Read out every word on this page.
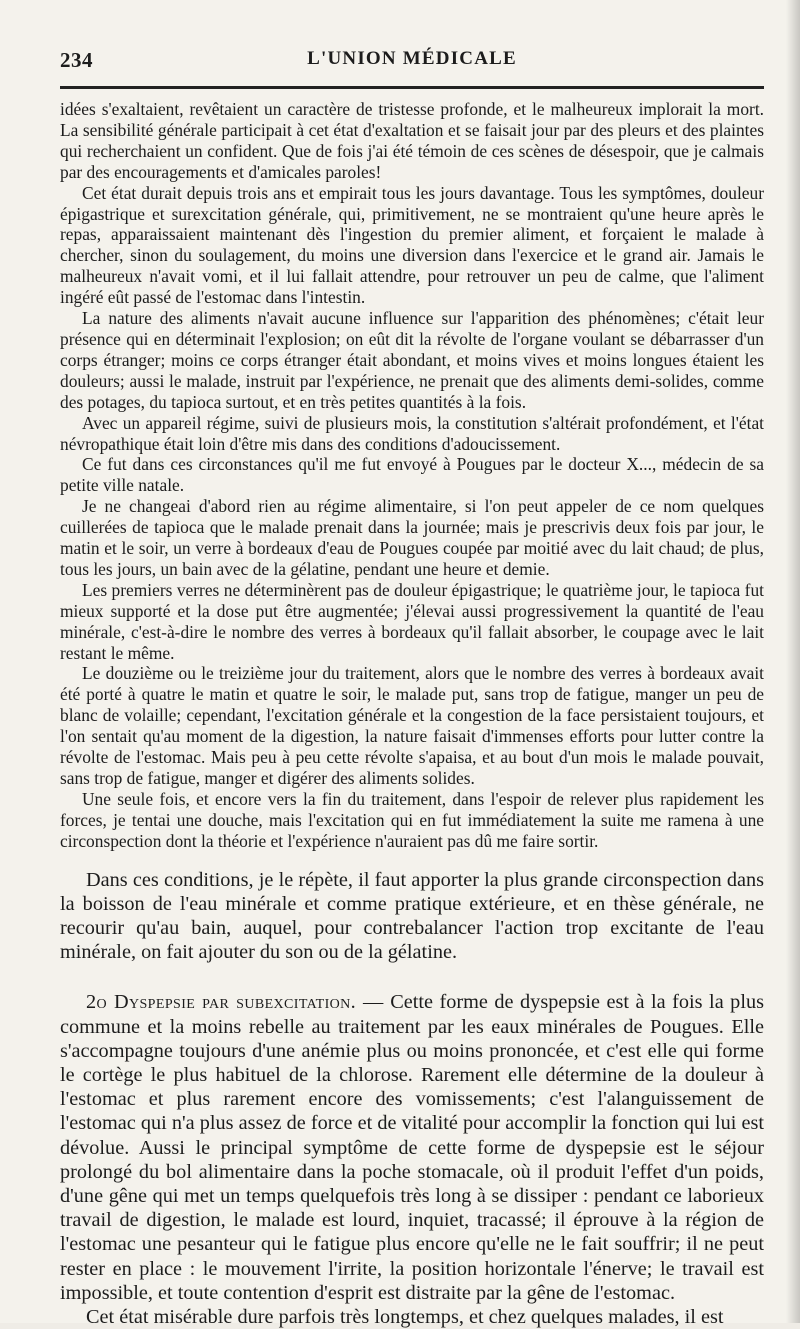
234	L'UNION MÉDICALE

idées s'exaltaient, revêtaient un caractère de tristesse profonde, et le malheureux implorait la mort. La sensibilité générale participait à cet état d'exaltation et se faisait jour par des pleurs et des plaintes qui recherchaient un confident. Que de fois j'ai été témoin de ces scènes de désespoir, que je calmais par des encouragements et d'amicales paroles!

Cet état durait depuis trois ans et empirait tous les jours davantage. Tous les symptômes, douleur épigastrique et surexcitation générale, qui, primitivement, ne se montraient qu'une heure après le repas, apparaissaient maintenant dès l'ingestion du premier aliment, et forçaient le malade à chercher, sinon du soulagement, du moins une diversion dans l'exercice et le grand air. Jamais le malheureux n'avait vomi, et il lui fallait attendre, pour retrouver un peu de calme, que l'aliment ingéré eût passé de l'estomac dans l'intestin.

La nature des aliments n'avait aucune influence sur l'apparition des phénomènes; c'était leur présence qui en déterminait l'explosion; on eût dit la révolte de l'organe voulant se débarrasser d'un corps étranger; moins ce corps étranger était abondant, et moins vives et moins longues étaient les douleurs; aussi le malade, instruit par l'expérience, ne prenait que des aliments demi-solides, comme des potages, du tapioca surtout, et en très petites quantités à la fois.

Avec un appareil régime, suivi de plusieurs mois, la constitution s'altérait profondément, et l'état névropathique était loin d'être mis dans des conditions d'adoucissement.

Ce fut dans ces circonstances qu'il me fut envoyé à Pougues par le docteur X..., médecin de sa petite ville natale.

Je ne changeai d'abord rien au régime alimentaire, si l'on peut appeler de ce nom quelques cuillerées de tapioca que le malade prenait dans la journée; mais je prescrivis deux fois par jour, le matin et le soir, un verre à bordeaux d'eau de Pougues coupée par moitié avec du lait chaud; de plus, tous les jours, un bain avec de la gélatine, pendant une heure et demie.

Les premiers verres ne déterminèrent pas de douleur épigastrique; le quatrième jour, le tapioca fut mieux supporté et la dose put être augmentée; j'élevai aussi progressivement la quantité de l'eau minérale, c'est-à-dire le nombre des verres à bordeaux qu'il fallait absorber, le coupage avec le lait restant le même.

Le douzième ou le treizième jour du traitement, alors que le nombre des verres à bordeaux avait été porté à quatre le matin et quatre le soir, le malade put, sans trop de fatigue, manger un peu de blanc de volaille; cependant, l'excitation générale et la congestion de la face persistaient toujours, et l'on sentait qu'au moment de la digestion, la nature faisait d'immenses efforts pour lutter contre la révolte de l'estomac. Mais peu à peu cette révolte s'apaisa, et au bout d'un mois le malade pouvait, sans trop de fatigue, manger et digérer des aliments solides.

Une seule fois, et encore vers la fin du traitement, dans l'espoir de relever plus rapidement les forces, je tentai une douche, mais l'excitation qui en fut immédiatement la suite me ramena à une circonspection dont la théorie et l'expérience n'auraient pas dû me faire sortir.

Dans ces conditions, je le répète, il faut apporter la plus grande circonspection dans la boisson de l'eau minérale et comme pratique extérieure, et en thèse générale, ne recourir qu'au bain, auquel, pour contrebalancer l'action trop excitante de l'eau minérale, on fait ajouter du son ou de la gélatine.

2o Dyspepsie par subexcitation. — Cette forme de dyspepsie est à la fois la plus commune et la moins rebelle au traitement par les eaux minérales de Pougues. Elle s'accompagne toujours d'une anémie plus ou moins prononcée, et c'est elle qui forme le cortège le plus habituel de la chlorose. Rarement elle détermine de la douleur à l'estomac et plus rarement encore des vomissements; c'est l'alanguissement de l'estomac qui n'a plus assez de force et de vitalité pour accomplir la fonction qui lui est dévolue. Aussi le principal symptôme de cette forme de dyspepsie est le séjour prolongé du bol alimentaire dans la poche stomacale, où il produit l'effet d'un poids, d'une gêne qui met un temps quelquefois très long à se dissiper : pendant ce laborieux travail de digestion, le malade est lourd, inquiet, tracassé; il éprouve à la région de l'estomac une pesanteur qui le fatigue plus encore qu'elle ne le fait souffrir; il ne peut rester en place : le mouvement l'irrite, la position horizontale l'énerve; le travail est impossible, et toute contention d'esprit est distraite par la gêne de l'estomac.

Cet état misérable dure parfois très longtemps, et chez quelques malades, il est
